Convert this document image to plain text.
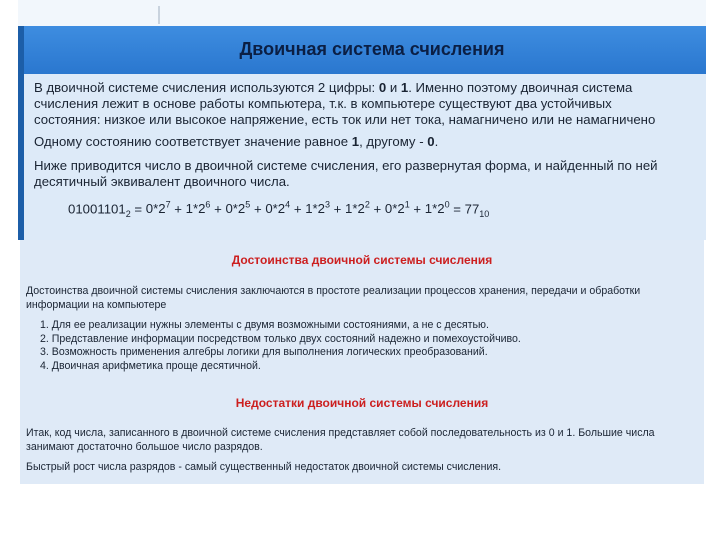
Двоичная система счисления
В двоичной системе счисления используются 2 цифры: 0 и 1. Именно поэтому двоичная система
счисления лежит в основе работы компьютера, т.к. в компьютере существуют два устойчивых
состояния: низкое или высокое напряжение, есть ток или нет тока, намагничено или не намагничено
Одному состоянию соответствует значение равное 1, другому - 0.
Ниже приводится число в двоичной системе счисления, его развернутая форма, и найденный по ней
десятичный эквивалент двоичного числа.
$01001101_2 = 0*2^7 + 1*2^6 + 0*2^5 + 0*2^4 + 1*2^3 + 1*2^2 + 0*2^1 + 1*2^0 = 77_{10}$
Достоинства двоичной системы счисления
Достоинства двоичной системы счисления заключаются в простоте реализации процессов хранения, передачи и обработки
информации на компьютере
1. Для ее реализации нужны элементы с двумя возможными состояниями, а не с десятью.
2. Представление информации посредством только двух состояний надежно и помехоустойчиво.
3. Возможность применения алгебры логики для выполнения логических преобразований.
4. Двоичная арифметика проще десятичной.
Недостатки двоичной системы счисления
Итак, код числа, записанного в двоичной системе счисления представляет собой последовательность из 0 и 1. Большие числа
занимают достаточно большое число разрядов.
Быстрый рост числа разрядов - самый существенный недостаток двоичной системы счисления.
